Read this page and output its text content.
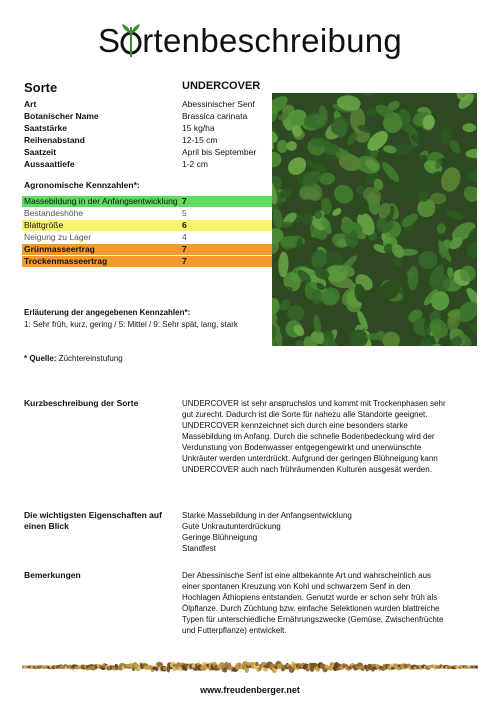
S rtenbeschreibung
Sorte	UNDERCOVER
Art	Abessinischer Senf
Botanischer Name	Brassica carinata
Saatstärke	15 kg/ha
Reihenabstand	12-15 cm
Saatzeit	April bis September
Aussaattiefe	1-2 cm
Agronomische Kennzahlen*:
Massebildung in der Anfangsentwicklung 7
Bestandeshöhe	5
Blattgröße	6
Neigung zu Lager	4
Grünmasseertrag	7
Trockenmasseertrag	7
Erläuterung der angegebenen Kennzahlen*:
1: Sehr früh, kurz, gering / 5: Mittel / 9: Sehr spät, lang, stark
* Quelle: Züchtereinstufung
Kurzbeschreibung der Sorte	UNDERCOVER ist sehr anspruchslos und kommt mit Trockenphasen sehr
gut zurecht. Dadurch ist die Sorte für nahezu alle Standorte geeignet.
UNDERCOVER kennzeichnet sich durch eine besonders starke
Massebildung im Anfang. Durch die schnelle Bodenbedeckung wird der
Verdunstung von Bodenwasser entgegengewirkt und unerwünschte
Unkräuter werden unterdrückt. Aufgrund der geringen Blühneigung kann
UNDERCOVER auch nach frühräumenden Kulturen ausgesät werden.
Die wichtigsten Eigenschaften auf
einen Blick
Starke Massebildung in der Anfangsentwicklung
Gute Unkrautunterdrückung
Geringe Blühneigung
Standfest
Bemerkungen	Der Abessinische Senf ist eine altbekannte Art und wahrscheinlich aus
einer spontanen Kreuzung von Kohl und schwarzem Senf in den
Hochlagen Äthiopiens entstanden. Genutzt wurde er schon sehr früh als
Ölpflanze. Durch Züchtung bzw. einfache Selektionen wurden blattreiche
Typen für unterschiedliche Ernährungszwecke (Gemüse, Zwischenfrüchte
und Futterpflanze) entwickelt.
www.freudenberger.net
